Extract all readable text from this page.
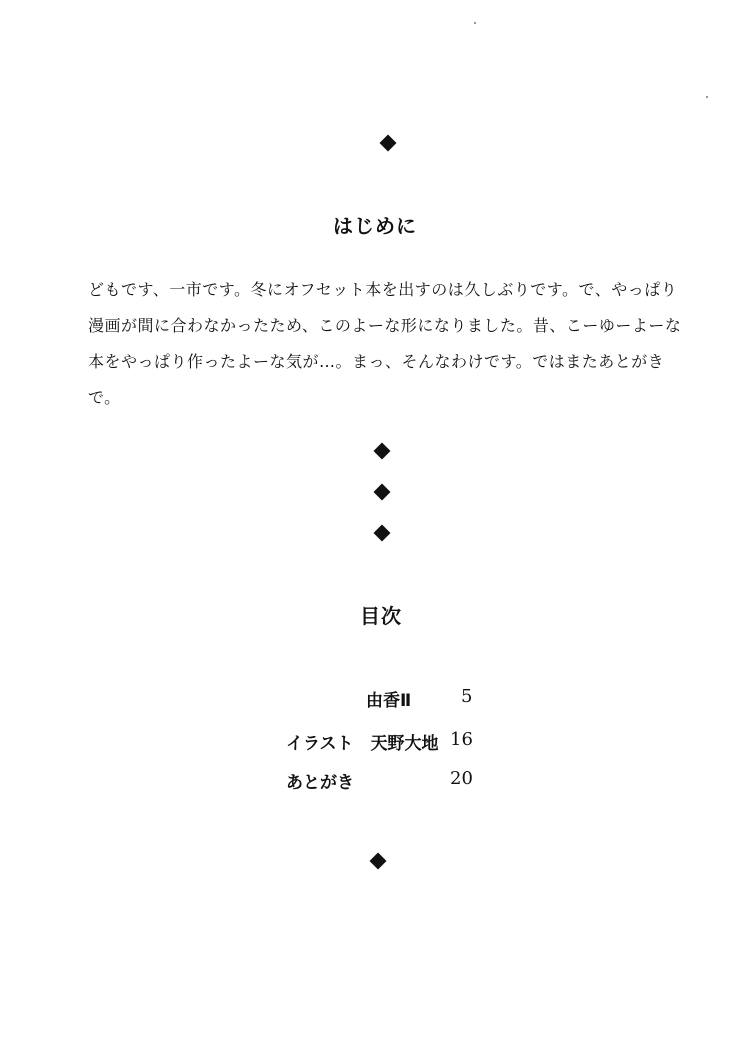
はじめに

どもです、一市です。冬にオフセット本を出すのは久しぶりです。で、やっぱり漫画が間に合わなかったため、このよーな形になりました。昔、こーゆーよーな本をやっぱり作ったよーな気が…。まっ、そんなわけです。ではまたあとがきで。

目次
由香Ⅱ	5
イラスト　天野大地 16
あとがき	20
